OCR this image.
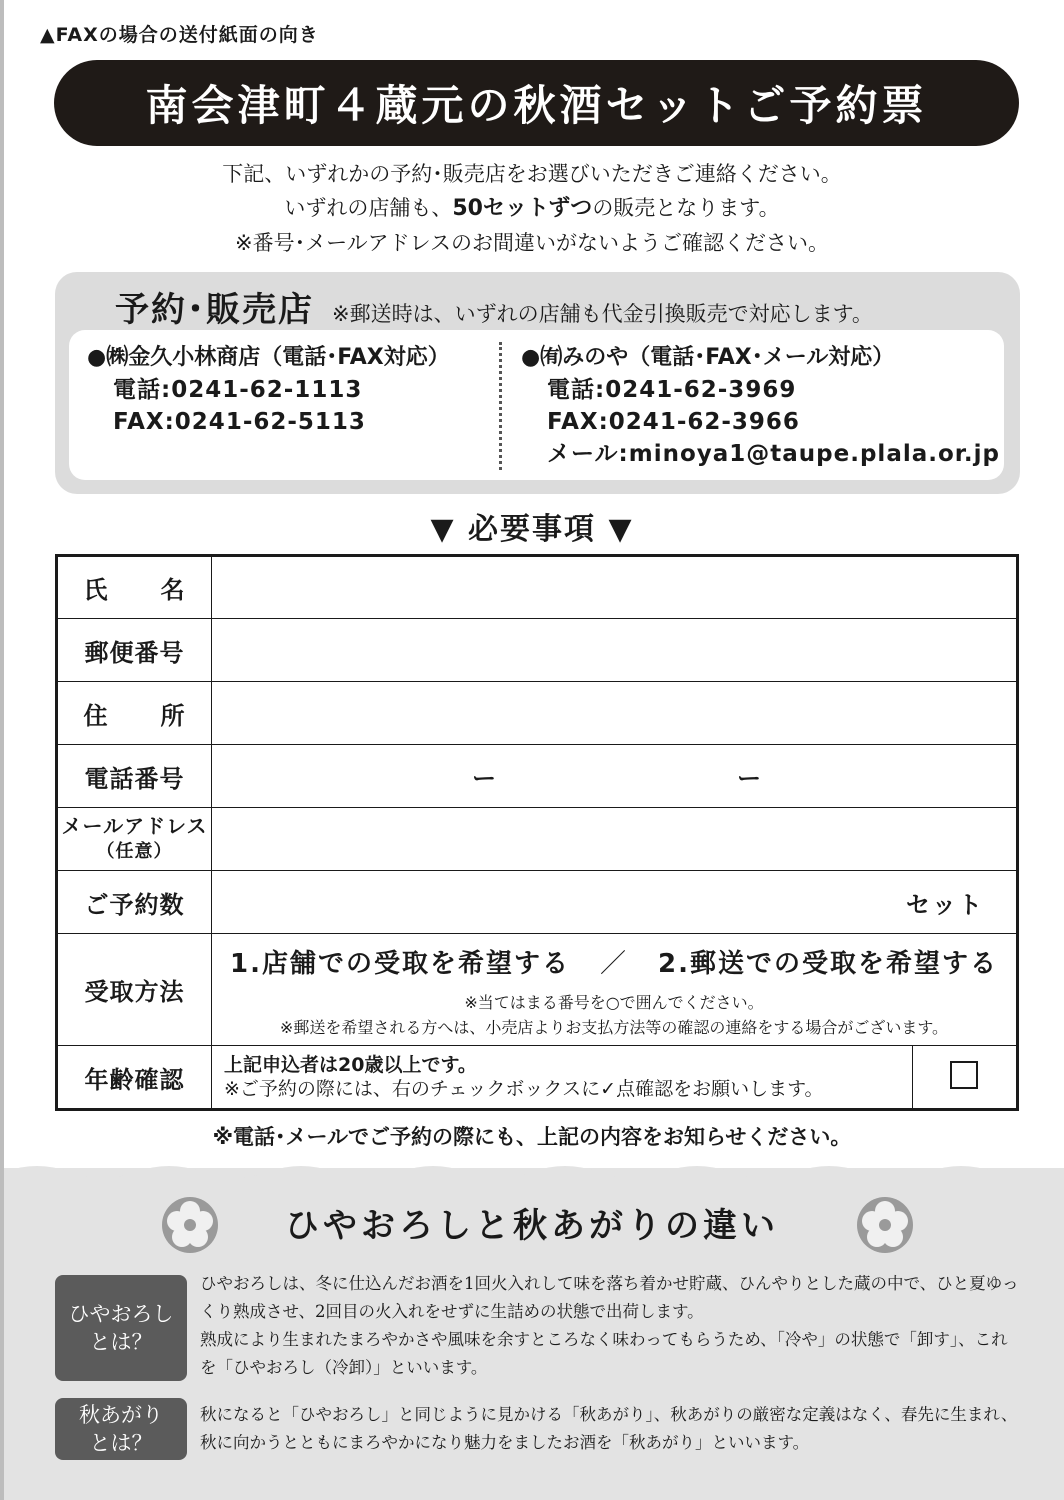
▲FAXの場合の送付紙面の向き
南会津町４蔵元の秋酒セットご予約票
下記、いずれかの予約･販売店をお選びいただきご連絡ください。
いずれの店舗も、50セットずつの販売となります。
※番号･メールアドレスのお間違いがないようご確認ください。
予約･販売店 ※郵送時は、いずれの店舗も代金引換販売で対応します。
●㈱金久小林商店（電話･FAX対応）
電話:0241-62-1113
FAX:0241-62-5113
●㈲みのや（電話･FAX･メール対応）
電話:0241-62-3969
FAX:0241-62-3966
メール:minoya1@taupe.plala.or.jp
▼ 必要事項 ▼
氏 名	
郵便番号	
住 所	
電話番号	ー	ー

メールアドレス
（任意）

ご予約数	セット

受取方法	
1.店舗での受取を希望する ／ 2.郵送での受取を希望する
※当てはまる番号を○で囲んでください。
※郵送を希望される方へは、小売店よりお支払方法等の確認の連絡をする場合がございます。

年齢確認	
上記申込者は20歳以上です。
※ご予約の際には、右のチェックボックスに✓点確認をお願いします。

※電話･メールでご予約の際にも、上記の内容をお知らせください。
ひやおろしと秋あがりの違い
ひやおろし
とは？
ひやおろしは、冬に仕込んだお酒を1回火入れして味を落ち着かせ貯蔵、ひんやりとした蔵の中で、ひと夏ゆっくり熟成させ、2回目の火入れをせずに生詰めの状態で出荷します。
熟成により生まれたまろやかさや風味を余すところなく味わってもらうため、「冷や」の状態で「卸す」、これを「ひやおろし（冷卸）」といいます。
秋あがり
とは？
秋になると「ひやおろし」と同じように見かける「秋あがり」、秋あがりの厳密な定義はなく、春先に生まれ、秋に向かうとともにまろやかになり魅力をましたお酒を「秋あがり」といいます。
